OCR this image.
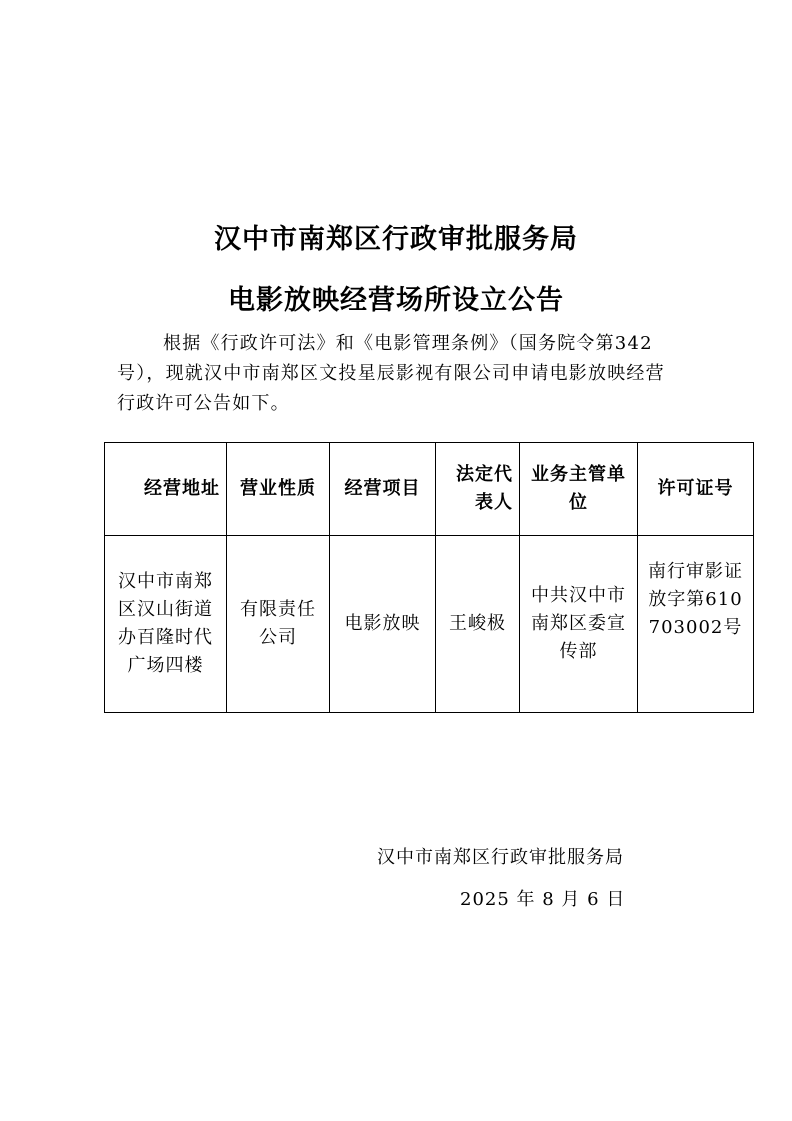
汉中市南郑区行政审批服务局
电影放映经营场所设立公告

根据《行政许可法》和《电影管理条例》（国务院令第342号），现就汉中市南郑区文投星辰影视有限公司申请电影放映经营行政许可公告如下。

经营地址	营业性质	经营项目	法定代表人	业务主管单位	许可证号
汉中市南郑区汉山街道办百隆时代广场四楼	有限责任公司	电影放映	王峻极	中共汉中市南郑区委宣传部	南行审影证放字第610703002号

汉中市南郑区行政审批服务局

2025 年 8 月 6 日
